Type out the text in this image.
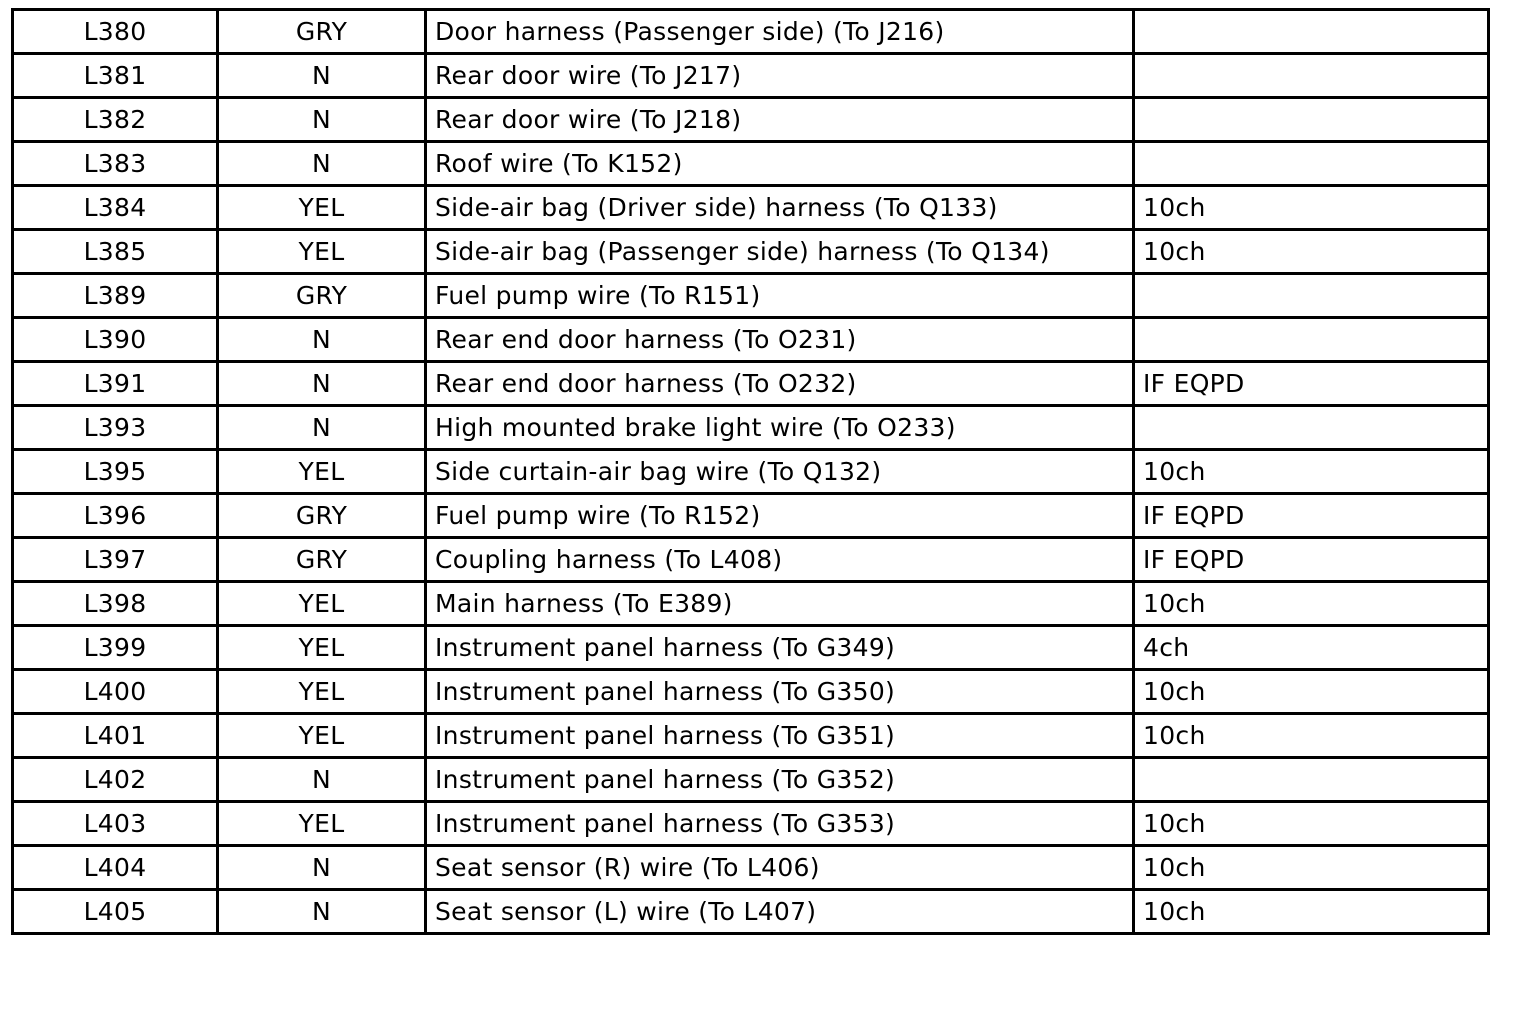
L380	GRY	Door harness (Passenger side) (To J216)	
L381	N	Rear door wire (To J217)	
L382	N	Rear door wire (To J218)	
L383	N	Roof wire (To K152)	
L384	YEL	Side-air bag (Driver side) harness (To Q133)	10ch
L385	YEL	Side-air bag (Passenger side) harness (To Q134)	10ch
L389	GRY	Fuel pump wire (To R151)	
L390	N	Rear end door harness (To O231)	
L391	N	Rear end door harness (To O232)	IF EQPD
L393	N	High mounted brake light wire (To O233)	
L395	YEL	Side curtain-air bag wire (To Q132)	10ch
L396	GRY	Fuel pump wire (To R152)	IF EQPD
L397	GRY	Coupling harness (To L408)	IF EQPD
L398	YEL	Main harness (To E389)	10ch
L399	YEL	Instrument panel harness (To G349)	4ch
L400	YEL	Instrument panel harness (To G350)	10ch
L401	YEL	Instrument panel harness (To G351)	10ch
L402	N	Instrument panel harness (To G352)	
L403	YEL	Instrument panel harness (To G353)	10ch
L404	N	Seat sensor (R) wire (To L406)	10ch
L405	N	Seat sensor (L) wire (To L407)	10ch
